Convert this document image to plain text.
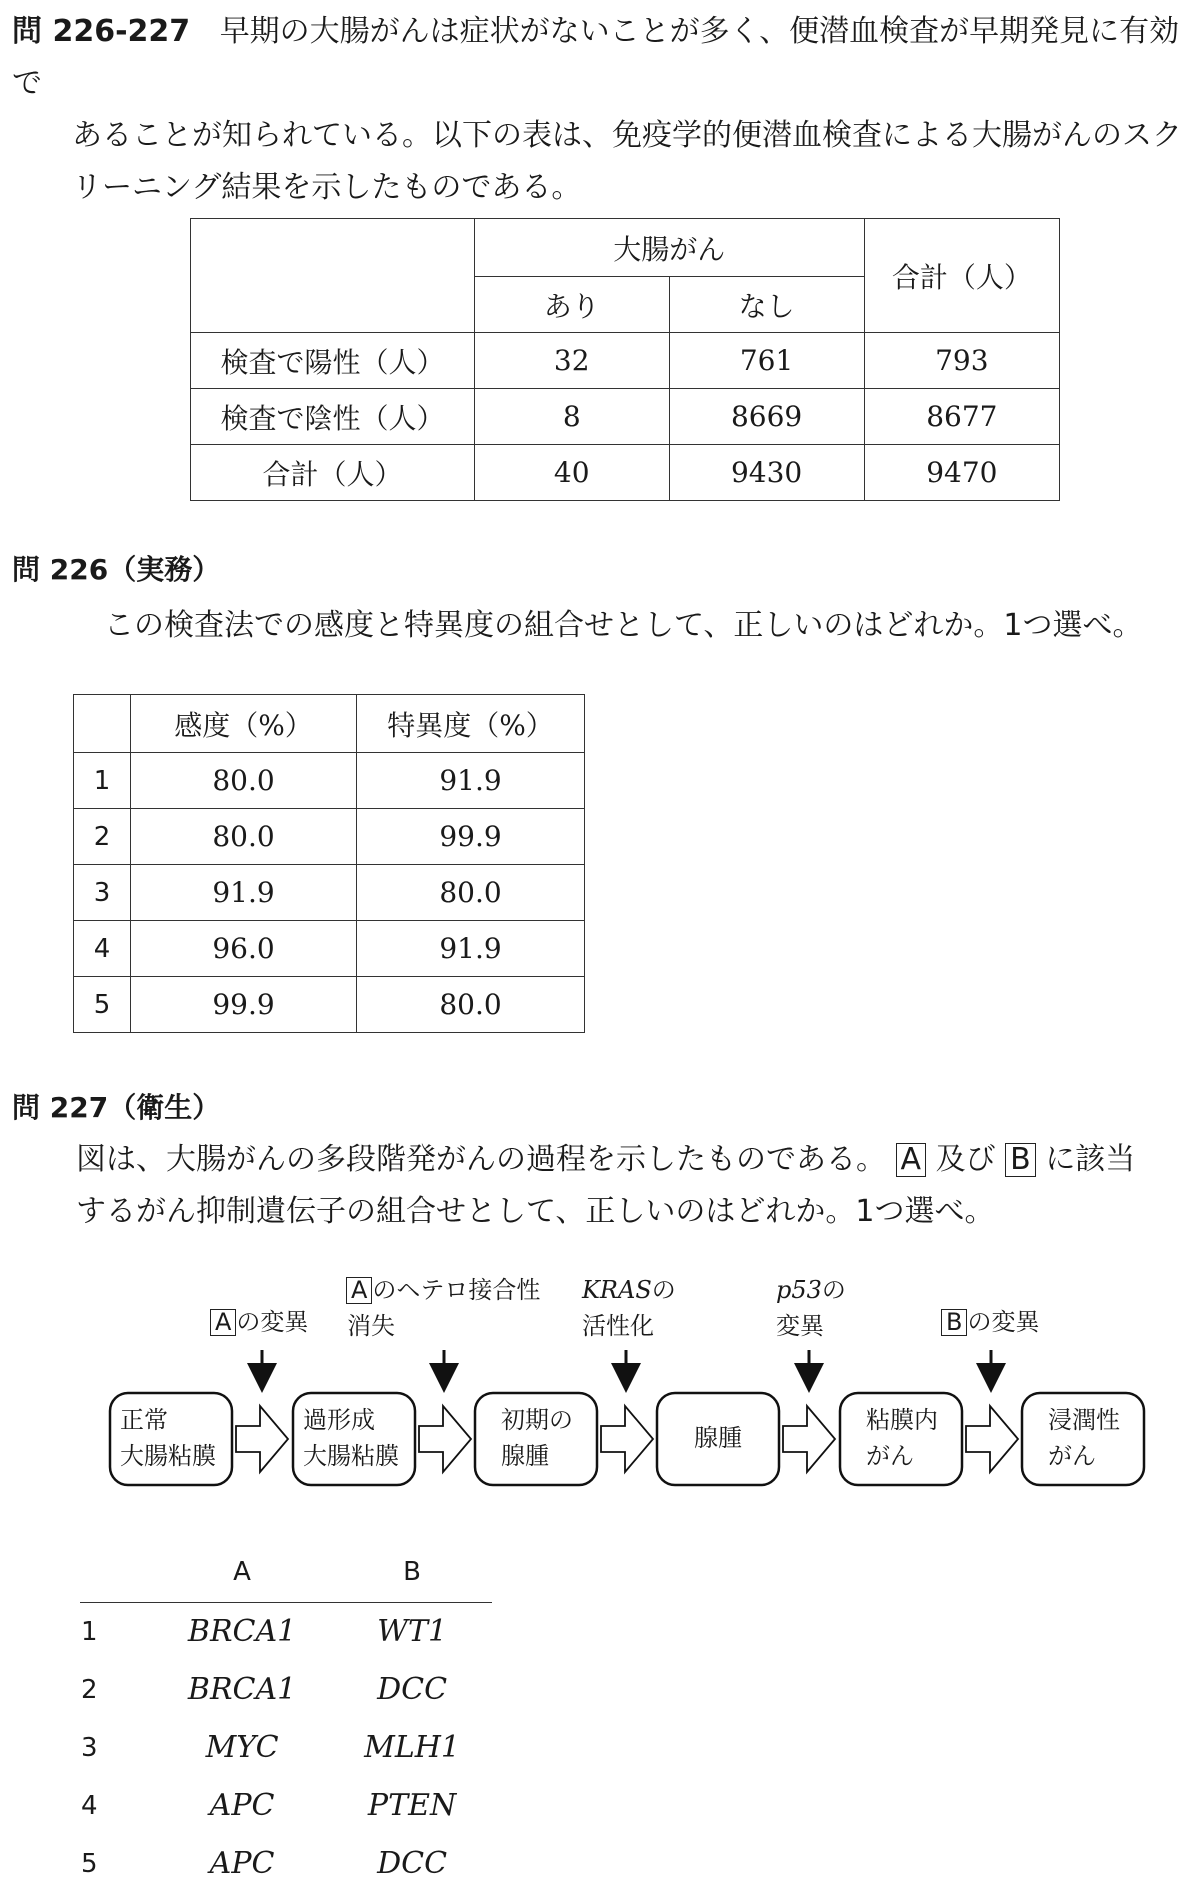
問 226-227 早期の大腸がんは症状がないことが多く、便潜血検査が早期発見に有効で
あることが知られている。以下の表は、免疫学的便潜血検査による大腸がんのスク
リーニング結果を示したものである。
	大腸がん		合計（人）
	あり	なし	
検査で陽性（人）	32	761	793
検査で陰性（人）	8	8669	8677
合計（人）	40	9430	9470
問 226（実務）
この検査法での感度と特異度の組合せとして、正しいのはどれか。1つ選べ。
	感度（%）	特異度（%）
1	80.0	91.9
2	80.0	99.9
3	91.9	80.0
4	96.0	91.9
5	99.9	80.0
問 227（衛生）
図は、大腸がんの多段階発がんの過程を示したものである。 A 及び B に該当
するがん抑制遺伝子の組合せとして、正しいのはどれか。1つ選べ。
正常
大腸粘膜
過形成
大腸粘膜
初期の
腺腫
腺腫
粘膜内
がん
浸潤性
がん
A の変異
A のヘテロ接合性
消失
KRASの
活性化
p53の
変異	B の変異
	A	B
1	BRCA1	WT1
2	BRCA1	DCC
3	MYC	MLH1
4	APC	PTEN
5	APC	DCC
